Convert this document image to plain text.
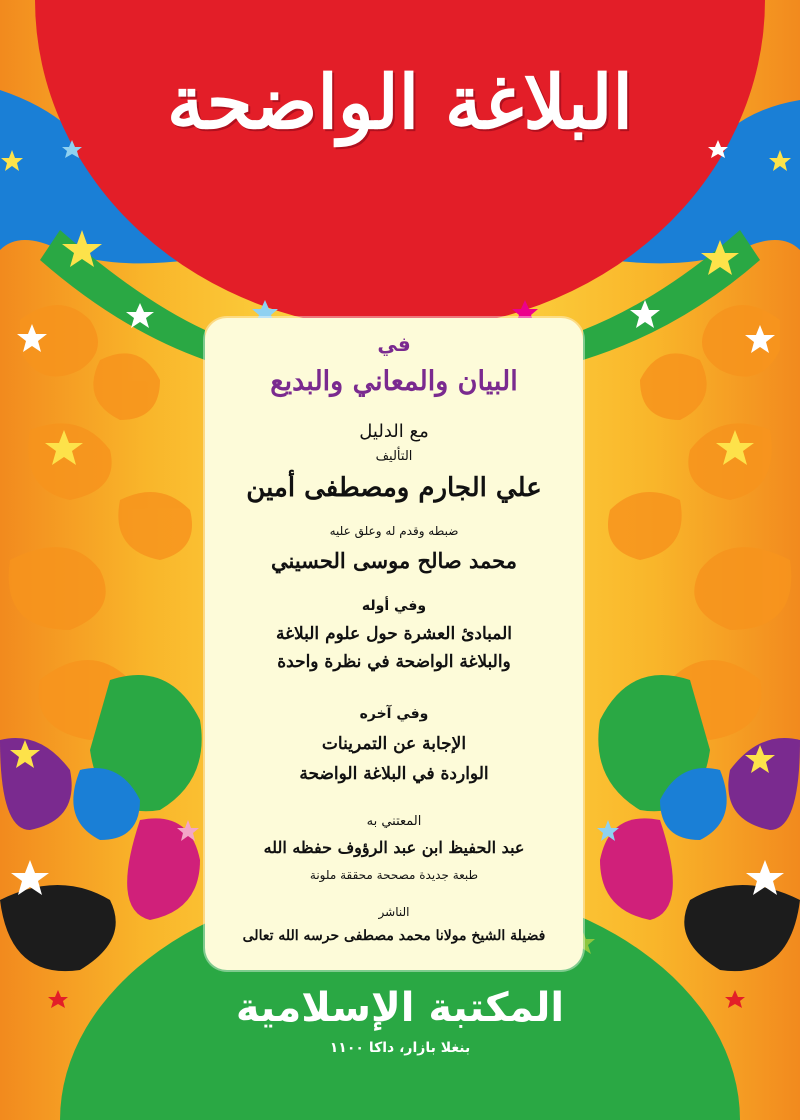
البلاغة الواضحة
في
البيان والمعاني والبديع
مع الدليل
التأليف
علي الجارم ومصطفى أمين
ضبطه وقدم له وعلق عليه
محمد صالح موسى الحسيني
وفي أوله
المبادئ العشرة حول علوم البلاغة
والبلاغة الواضحة في نظرة واحدة
وفي آخره
الإجابة عن التمرينات
الواردة في البلاغة الواضحة
المعتني به
عبد الحفيظ ابن عبد الرؤوف حفظه الله
طبعة جديدة مصححة محققة ملونة
الناشر
فضيلة الشيخ مولانا محمد مصطفى حرسه الله تعالى
المكتبة الإسلامية
بنغلا بازار، داكا ١١٠٠
